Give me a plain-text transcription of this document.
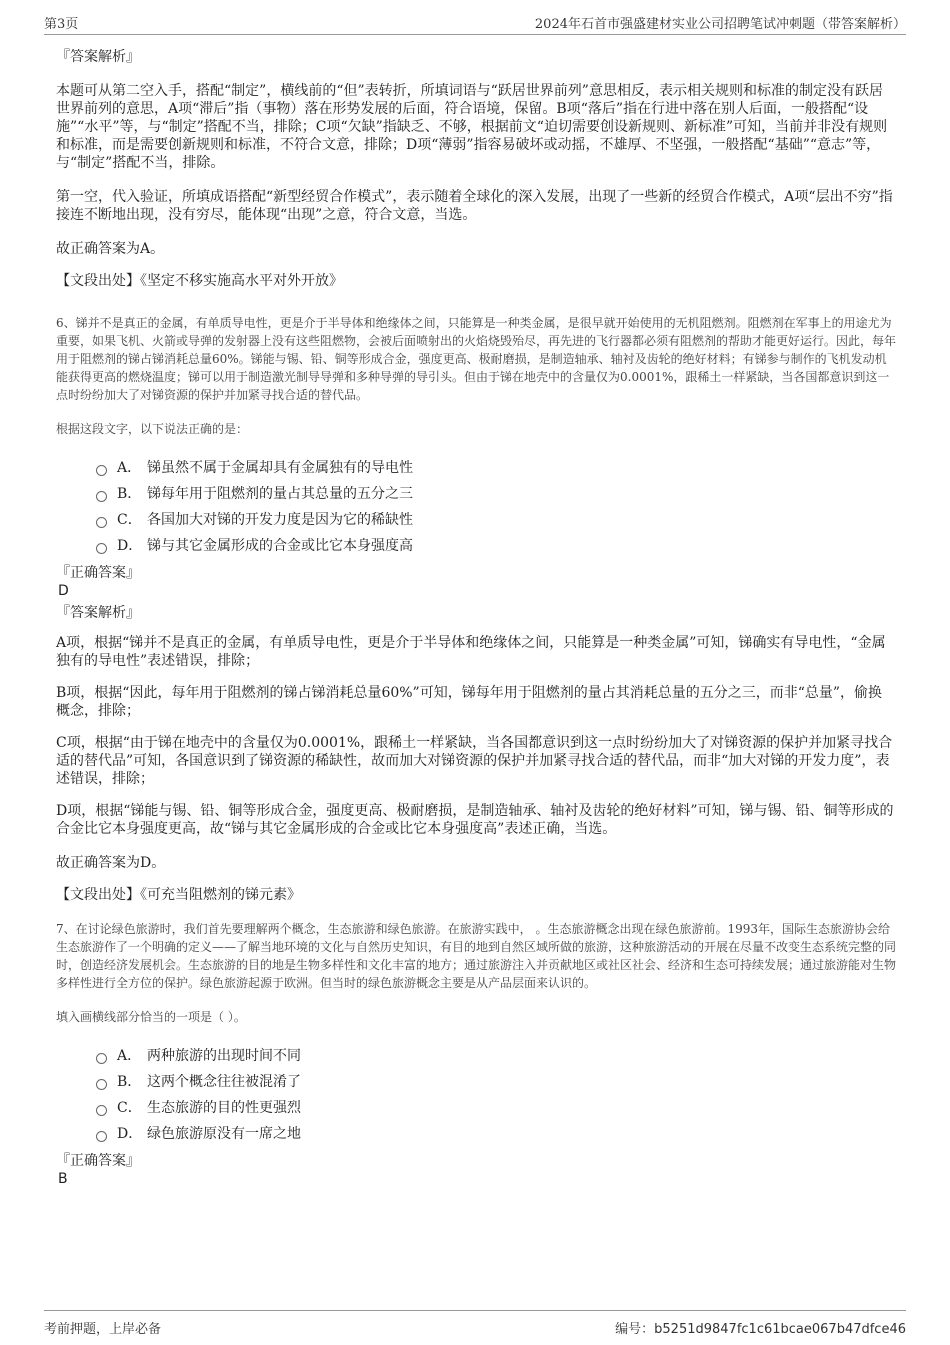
第3页	2024年石首市强盛建材实业公司招聘笔试冲刺题（带答案解析）

『答案解析』

本题可从第二空入手，搭配“制定”，横线前的“但”表转折，所填词语与“跃居世界前列”意思相反，表示相关规则和标准的制定没有跃居世界前列的意思，A项“滞后”指（事物）落在形势发展的后面，符合语境，保留。B项“落后”指在行进中落在别人后面，一般搭配“设施”“水平”等，与“制定”搭配不当，排除；C项“欠缺”指缺乏、不够，根据前文“迫切需要创设新规则、新标准”可知，当前并非没有规则和标准，而是需要创新规则和标准，不符合文意，排除；D项“薄弱”指容易破坏或动摇，不雄厚、不坚强，一般搭配“基础”“意志”等，与“制定”搭配不当，排除。

第一空，代入验证，所填成语搭配“新型经贸合作模式”，表示随着全球化的深入发展，出现了一些新的经贸合作模式，A项“层出不穷”指接连不断地出现，没有穷尽，能体现“出现”之意，符合文意，当选。

故正确答案为A。

【文段出处】《坚定不移实施高水平对外开放》

6、锑并不是真正的金属，有单质导电性，更是介于半导体和绝缘体之间，只能算是一种类金属，是很早就开始使用的无机阻燃剂。阻燃剂在军事上的用途尤为重要，如果飞机、火箭或导弹的发射器上没有这些阻燃物，会被后面喷射出的火焰烧毁殆尽，再先进的飞行器都必须有阻燃剂的帮助才能更好运行。因此，每年用于阻燃剂的锑占锑消耗总量60%。锑能与锡、铅、铜等形成合金，强度更高、极耐磨损，是制造轴承、轴衬及齿轮的绝好材料；有锑参与制作的飞机发动机能获得更高的燃烧温度；锑可以用于制造激光制导导弹和多种导弹的导引头。但由于锑在地壳中的含量仅为0.0001%，跟稀土一样紧缺，当各国都意识到这一点时纷纷加大了对锑资源的保护并加紧寻找合适的替代品。

根据这段文字，以下说法正确的是：

A． 锑虽然不属于金属却具有金属独有的导电性
B． 锑每年用于阻燃剂的量占其总量的五分之三
C． 各国加大对锑的开发力度是因为它的稀缺性
D． 锑与其它金属形成的合金或比它本身强度高

『正确答案』

D

『答案解析』

A项，根据“锑并不是真正的金属，有单质导电性，更是介于半导体和绝缘体之间，只能算是一种类金属”可知，锑确实有导电性，“金属独有的导电性”表述错误，排除；

B项，根据“因此，每年用于阻燃剂的锑占锑消耗总量60%”可知，锑每年用于阻燃剂的量占其消耗总量的五分之三，而非“总量”，偷换概念，排除；

C项，根据“由于锑在地壳中的含量仅为0.0001%，跟稀土一样紧缺，当各国都意识到这一点时纷纷加大了对锑资源的保护并加紧寻找合适的替代品”可知，各国意识到了锑资源的稀缺性，故而加大对锑资源的保护并加紧寻找合适的替代品，而非“加大对锑的开发力度”，表述错误，排除；

D项，根据“锑能与锡、铅、铜等形成合金，强度更高、极耐磨损，是制造轴承、轴衬及齿轮的绝好材料”可知，锑与锡、铅、铜等形成的合金比它本身强度更高，故“锑与其它金属形成的合金或比它本身强度高”表述正确，当选。

故正确答案为D。

【文段出处】《可充当阻燃剂的锑元素》

7、在讨论绿色旅游时，我们首先要理解两个概念，生态旅游和绿色旅游。在旅游实践中， 。生态旅游概念出现在绿色旅游前。1993年，国际生态旅游协会给生态旅游作了一个明确的定义——了解当地环境的文化与自然历史知识，有目的地到自然区域所做的旅游，这种旅游活动的开展在尽量不改变生态系统完整的同时，创造经济发展机会。生态旅游的目的地是生物多样性和文化丰富的地方；通过旅游注入并贡献地区或社区社会、经济和生态可持续发展；通过旅游能对生物多样性进行全方位的保护。绿色旅游起源于欧洲。但当时的绿色旅游概念主要是从产品层面来认识的。

填入画横线部分恰当的一项是（ ）。

A． 两种旅游的出现时间不同
B． 这两个概念往往被混淆了
C． 生态旅游的目的性更强烈
D． 绿色旅游原没有一席之地

『正确答案』

B

考前押题，上岸必备	编号：b5251d9847fc1c61bcae067b47dfce46
